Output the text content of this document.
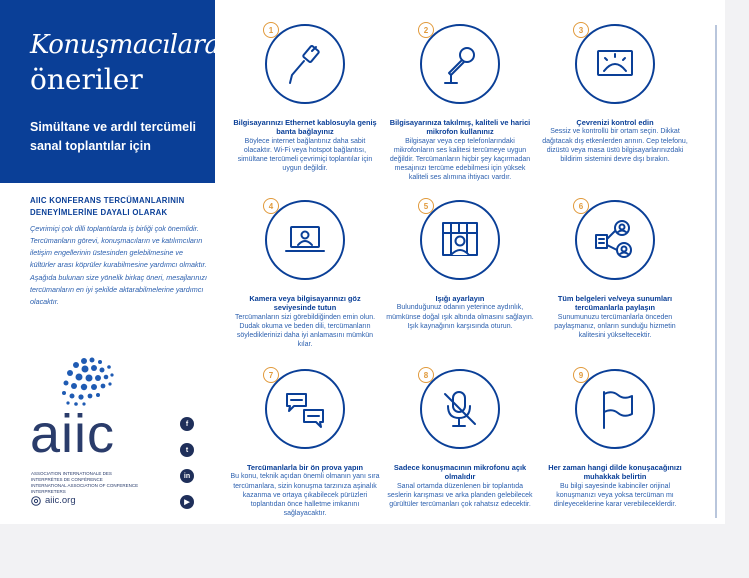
Konuşmacılara
öneriler
Simültane ve ardıl tercümeli sanal toplantılar için
AIIC KONFERANS TERCÜMANLARININ DENEYİMLERİNE DAYALI OLARAK
Çevrimiçi çok dilli toplantılarda iş birliği çok önemlidir. Tercümanların görevi, konuşmacıların ve katılımcıların iletişim engellerinin üstesinden gelebilmesine ve kültürler arası köprüler kurabilmesine yardımcı olmaktır. Aşağıda bulunan size yönelik birkaç öneri, mesajlarınızı tercümanların en iyi şekilde aktarabilmelerine yardımcı olacaktır.
aiic
ASSOCIATION INTERNATIONALE DES INTERPRÈTES DE CONFÉRENCE
INTERNATIONAL ASSOCIATION OF CONFERENCE INTERPRETERS
aiic.org
f
t
in
▶
1
Bilgisayarınızı Ethernet kablosuyla geniş banta bağlayınız
Böylece internet bağlantınız daha sabit olacaktır. Wi-Fi veya hotspot bağlantısı, simültane tercümeli çevrimiçi toplantılar için uygun değildir.
2
Bilgisayarınıza takılmış, kaliteli ve harici mikrofon kullanınız
Bilgisayar veya cep telefonlarındaki mikrofonların ses kalitesi tercümeye uygun değildir. Tercümanların hiçbir şey kaçırmadan mesajınızı tercüme edebilmesi için yüksek kaliteli ses alımına ihtiyacı vardır.
3
Çevrenizi kontrol edin
Sessiz ve kontrollü bir ortam seçin. Dikkat dağıtacak dış etkenlerden arının. Cep telefonu, dizüstü veya masa üstü bilgisayarlarınızdaki bildirim sistemini devre dışı bırakın.
4
Kamera veya bilgisayarınızı göz seviyesinde tutun
Tercümanların sizi görebildiğinden emin olun. Dudak okuma ve beden dili, tercümanların söylediklerinizi daha iyi anlamasını mümkün kılar.
5
Işığı ayarlayın
Bulunduğunuz odanın yeterince aydınlık, mümkünse doğal ışık altında olmasını sağlayın. Işık kaynağının karşısında oturun.
6
Tüm belgeleri ve/veya sunumları tercümanlarla paylaşın
Sunumunuzu tercümanlarla önceden paylaşmanız, onların sunduğu hizmetin kalitesini yükseltecektir.
7
Tercümanlarla bir ön prova yapın
Bu konu, teknik açıdan önemli olmanın yanı sıra tercümanlara, sizin konuşma tarzınıza aşinalık kazanma ve ortaya çıkabilecek pürüzleri toplantıdan önce halletme imkanını sağlayacaktır.
8
Sadece konuşmacının mikrofonu açık olmalıdır
Sanal ortamda düzenlenen bir toplantıda seslerin karışması ve arka planden gelebilecek gürültüler tercümanları çok rahatsız edecektir.
9
Her zaman hangi dilde konuşacağınızı muhakkak belirtin
Bu bilgi sayesinde kabinciler orijinal konuşmanızı veya yoksa tercüman mı dinleyeceklerine karar verebileceklerdir.
